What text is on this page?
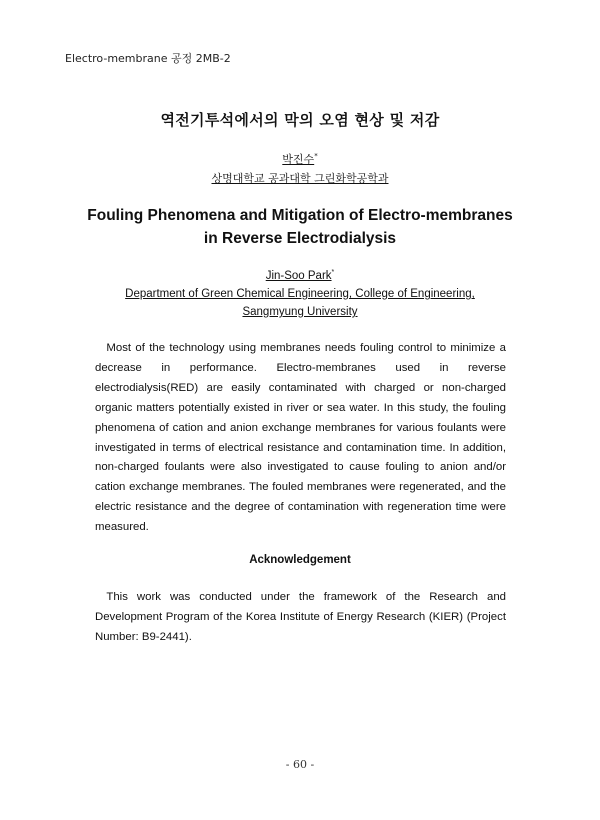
Electro-membrane 공정 2MB-2
역전기투석에서의 막의 오염 현상 및 저감
박진수*
상명대학교 공과대학 그린화학공학과
Fouling Phenomena and Mitigation of Electro-membranes
in Reverse Electrodialysis
Jin-Soo Park*
Department of Green Chemical Engineering, College of Engineering,
Sangmyung University

 Most of the technology using membranes needs fouling control to minimize a decrease in performance. Electro-membranes used in reverse electrodialysis(RED) are easily contaminated with charged or non-charged organic matters potentially existed in river or sea water. In this study, the fouling phenomena of cation and anion exchange membranes for various foulants were investigated in terms of electrical resistance and contamination time. In addition, non-charged foulants were also investigated to cause fouling to anion and/or cation exchange membranes. The fouled membranes were regenerated, and the electric resistance and the degree of contamination with regeneration time were measured.

Acknowledgement

 This work was conducted under the framework of the Research and Development Program of the Korea Institute of Energy Research (KIER) (Project Number: B9-2441).

- 60 -
